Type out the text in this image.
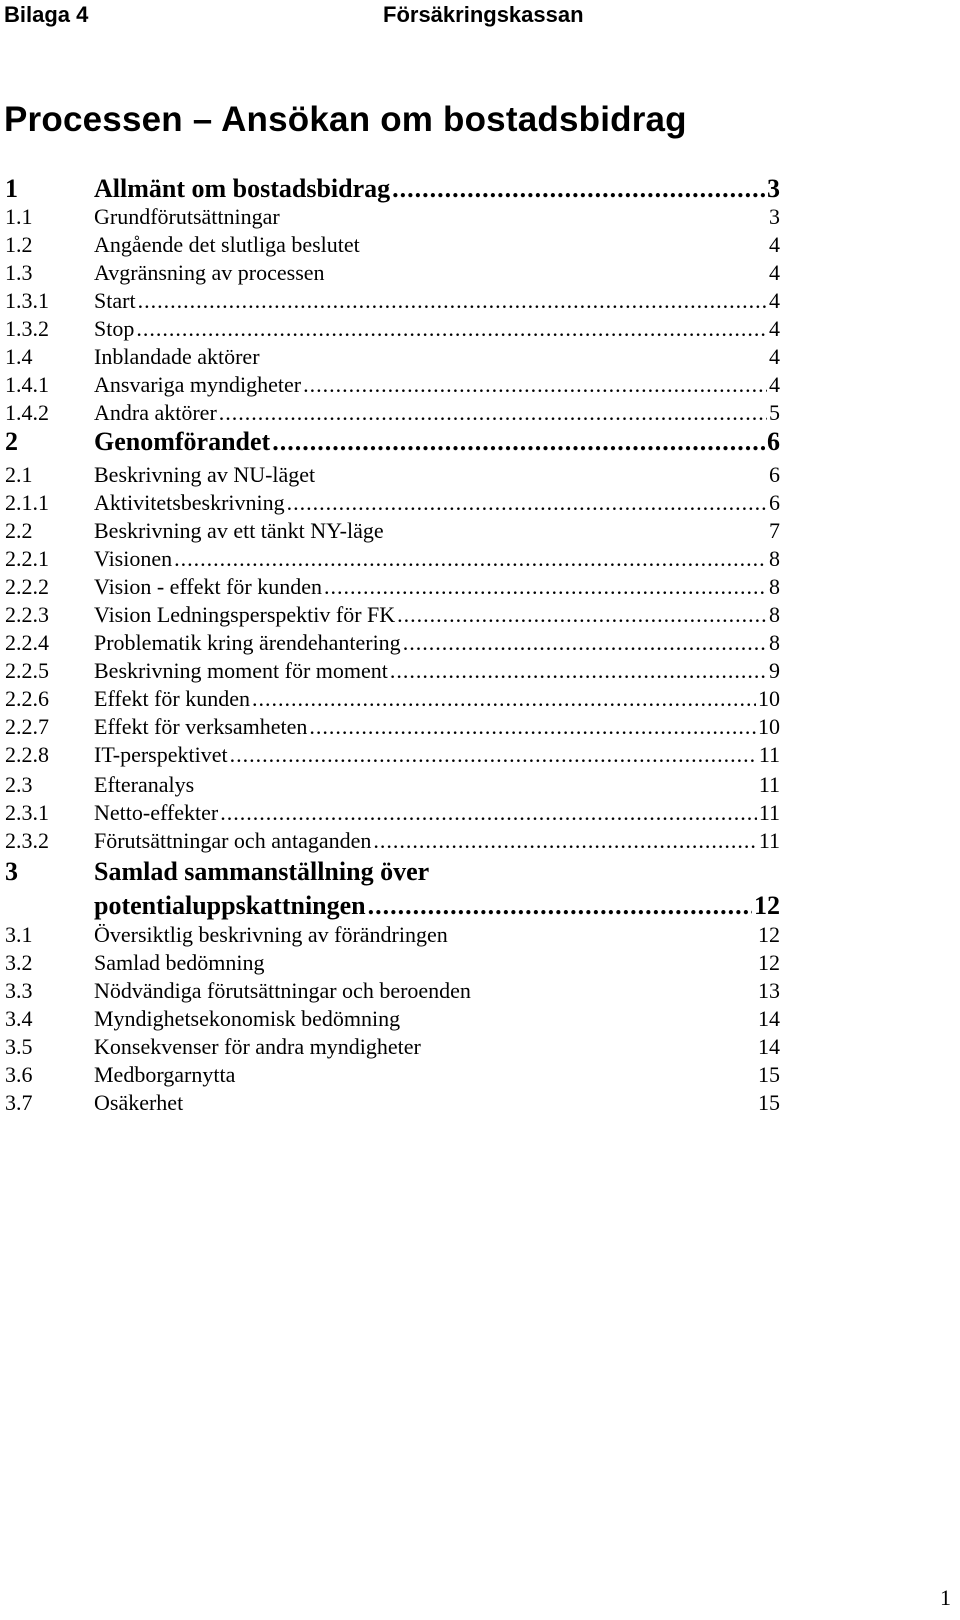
Bilaga 4	Försäkringskassan
Processen – Ansökan om bostadsbidrag
1	Allmänt om bostadsbidrag .....	3
1.1	Grundförutsättningar	3
1.2	Angående det slutliga beslutet	4
1.3	Avgränsning av processen	4
1.3.1 Start .....	4
1.3.2 Stop .....	4
1.4	Inblandade aktörer	4
1.4.1 Ansvariga myndigheter .....	4
1.4.2 Andra aktörer .....	5
2	Genomförandet .....	6
2.1	Beskrivning av NU-läget	6
2.1.1 Aktivitetsbeskrivning .....	6
2.2	Beskrivning av ett tänkt NY-läge	7
2.2.1 Visionen .....	8
2.2.2 Vision - effekt för kunden .....	8
2.2.3 Vision Ledningsperspektiv för FK .....	8
2.2.4 Problematik kring ärendehantering .....	8
2.2.5 Beskrivning moment för moment .....	9
2.2.6 Effekt för kunden .....	10
2.2.7 Effekt för verksamheten .....	10
2.2.8 IT-perspektivet .....	11
2.3	Efteranalys	11
2.3.1 Netto-effekter .....	11
2.3.2 Förutsättningar och antaganden .....	11
3	Samlad sammanställning över
potentialuppskattningen .....	12
3.1	Översiktlig beskrivning av förändringen	12
3.2	Samlad bedömning	12
3.3	Nödvändiga förutsättningar och beroenden	13
3.4	Myndighetsekonomisk bedömning	14
3.5	Konsekvenser för andra myndigheter	14
3.6	Medborgarnytta	15
3.7	Osäkerhet	15
1
